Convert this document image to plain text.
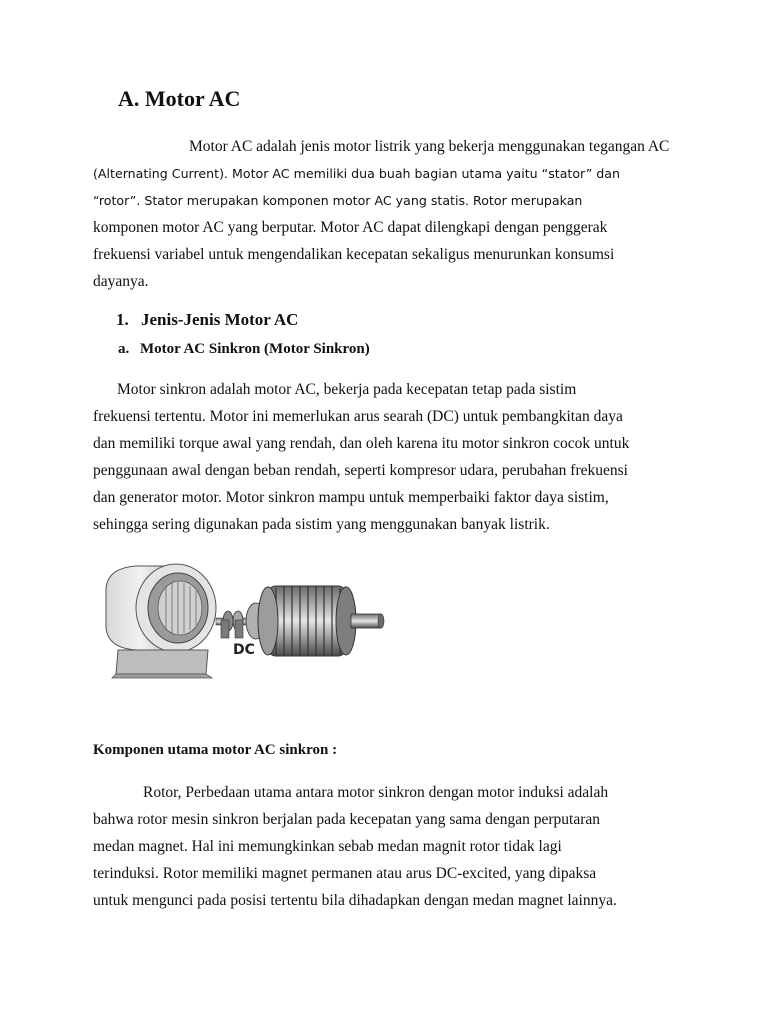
A. Motor AC
Motor AC adalah jenis motor listrik yang bekerja menggunakan tegangan AC
(Alternating Current). Motor AC memiliki dua buah bagian utama yaitu “stator” dan
“rotor”. Stator merupakan komponen motor AC yang statis. Rotor merupakan
komponen motor AC yang berputar. Motor AC dapat dilengkapi dengan penggerak
frekuensi variabel untuk mengendalikan kecepatan sekaligus menurunkan konsumsi
dayanya.
1. Jenis-Jenis Motor AC
a. Motor AC Sinkron (Motor Sinkron)
Motor sinkron adalah motor AC, bekerja pada kecepatan tetap pada sistim
frekuensi tertentu. Motor ini memerlukan arus searah (DC) untuk pembangkitan daya
dan memiliki torque awal yang rendah, dan oleh karena itu motor sinkron cocok untuk
penggunaan awal dengan beban rendah, seperti kompresor udara, perubahan frekuensi
dan generator motor. Motor sinkron mampu untuk memperbaiki faktor daya sistim,
sehingga sering digunakan pada sistim yang menggunakan banyak listrik.
DC
Komponen utama motor AC sinkron :
Rotor, Perbedaan utama antara motor sinkron dengan motor induksi adalah
bahwa rotor mesin sinkron berjalan pada kecepatan yang sama dengan perputaran
medan magnet. Hal ini memungkinkan sebab medan magnit rotor tidak lagi
terinduksi. Rotor memiliki magnet permanen atau arus DC-excited, yang dipaksa
untuk mengunci pada posisi tertentu bila dihadapkan dengan medan magnet lainnya.
